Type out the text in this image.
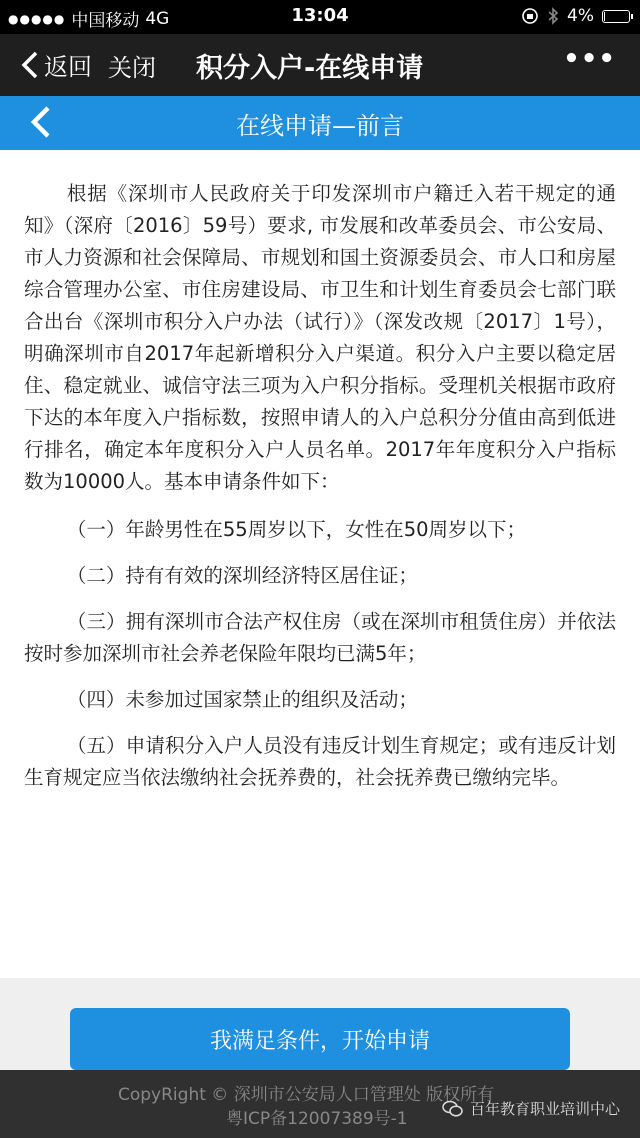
●●●●● 中国移动 4G	13:04	4%
返回 关闭 积分入户-在线申请	•••
在线申请—前言

根据《深圳市人民政府关于印发深圳市户籍迁入若干规定的通知》（深府〔2016〕59号）要求, 市发展和改革委员会、市公安局、市人力资源和社会保障局、市规划和国土资源委员会、市人口和房屋综合管理办公室、市住房建设局、市卫生和计划生育委员会七部门联合出台《深圳市积分入户办法（试行）》（深发改规〔2017〕1号），明确深圳市自2017年起新增积分入户渠道。积分入户主要以稳定居住、稳定就业、诚信守法三项为入户积分指标。受理机关根据市政府下达的本年度入户指标数，按照申请人的入户总积分分值由高到低进行排名，确定本年度积分入户人员名单。2017年年度积分入户指标数为10000人。基本申请条件如下：

（一）年龄男性在55周岁以下，女性在50周岁以下；

（二）持有有效的深圳经济特区居住证；

（三）拥有深圳市合法产权住房（或在深圳市租赁住房）并依法按时参加深圳市社会养老保险年限均已满5年；

（四）未参加过国家禁止的组织及活动；

（五）申请积分入户人员没有违反计划生育规定；或有违反计划生育规定应当依法缴纳社会抚养费的，社会抚养费已缴纳完毕。

我满足条件，开始申请
CopyRight © 深圳市公安局人口管理处 版权所有
粤ICP备12007389号-1	百年教育职业培训中心
